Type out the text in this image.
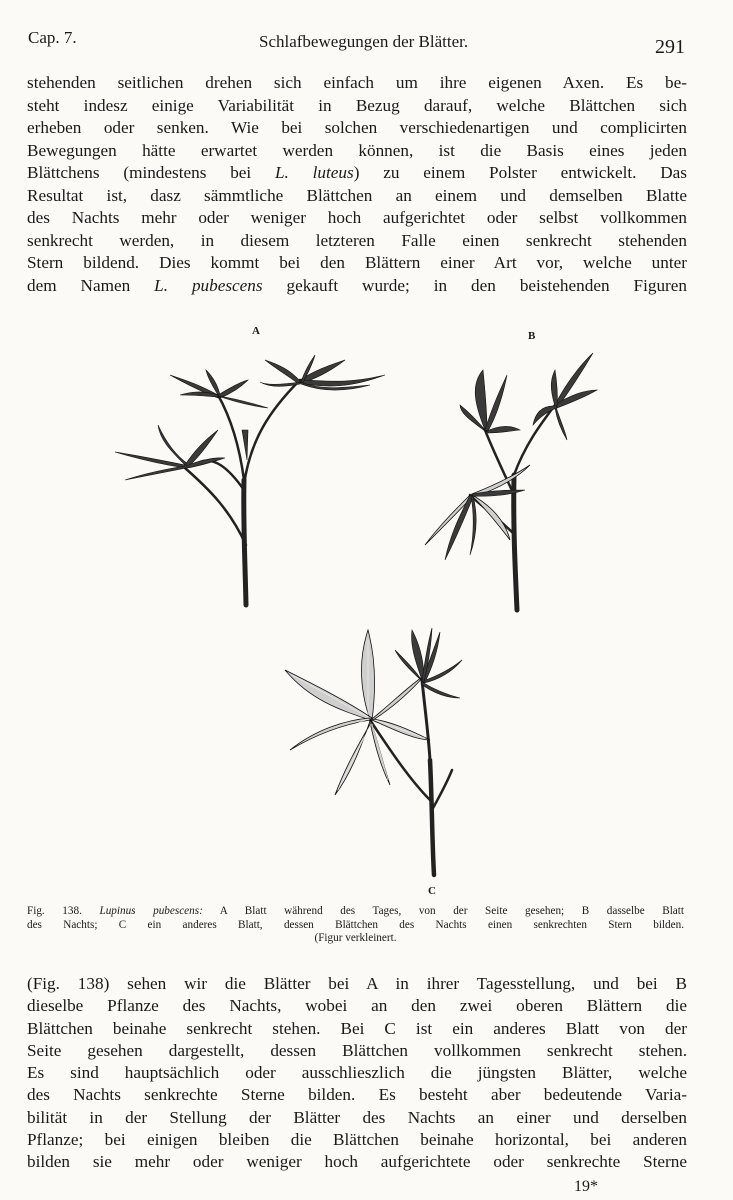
Cap. 7.	Schlafbewegungen der Blätter.	291
stehenden seitlichen drehen sich einfach um ihre eigenen Axen. Es be-
steht indesz einige Variabilität in Bezug darauf, welche Blättchen sich
erheben oder senken. Wie bei solchen verschiedenartigen und complicirten
Bewegungen hätte erwartet werden können, ist die Basis eines jeden
Blättchens (mindestens bei L. luteus) zu einem Polster entwickelt. Das
Resultat ist, dasz sämmtliche Blättchen an einem und demselben Blatte
des Nachts mehr oder weniger hoch aufgerichtet oder selbst vollkommen
senkrecht werden, in diesem letzteren Falle einen senkrecht stehenden
Stern bildend. Dies kommt bei den Blättern einer Art vor, welche unter
dem Namen L. pubescens gekauft wurde; in den beistehenden Figuren
A	B
C
Fig. 138. Lupinus pubescens: A Blatt während des Tages, von der Seite gesehen; B dasselbe Blatt
des Nachts; C ein anderes Blatt, dessen Blättchen des Nachts einen senkrechten Stern bilden.
(Figur verkleinert.
(Fig. 138) sehen wir die Blätter bei A in ihrer Tagesstellung, und bei B
dieselbe Pflanze des Nachts, wobei an den zwei oberen Blättern die
Blättchen beinahe senkrecht stehen. Bei C ist ein anderes Blatt von der
Seite gesehen dargestellt, dessen Blättchen vollkommen senkrecht stehen.
Es sind hauptsächlich oder ausschlieszlich die jüngsten Blätter, welche
des Nachts senkrechte Sterne bilden. Es besteht aber bedeutende Varia-
bilität in der Stellung der Blätter des Nachts an einer und derselben
Pflanze; bei einigen bleiben die Blättchen beinahe horizontal, bei anderen
bilden sie mehr oder weniger hoch aufgerichtete oder senkrechte Sterne
19*
